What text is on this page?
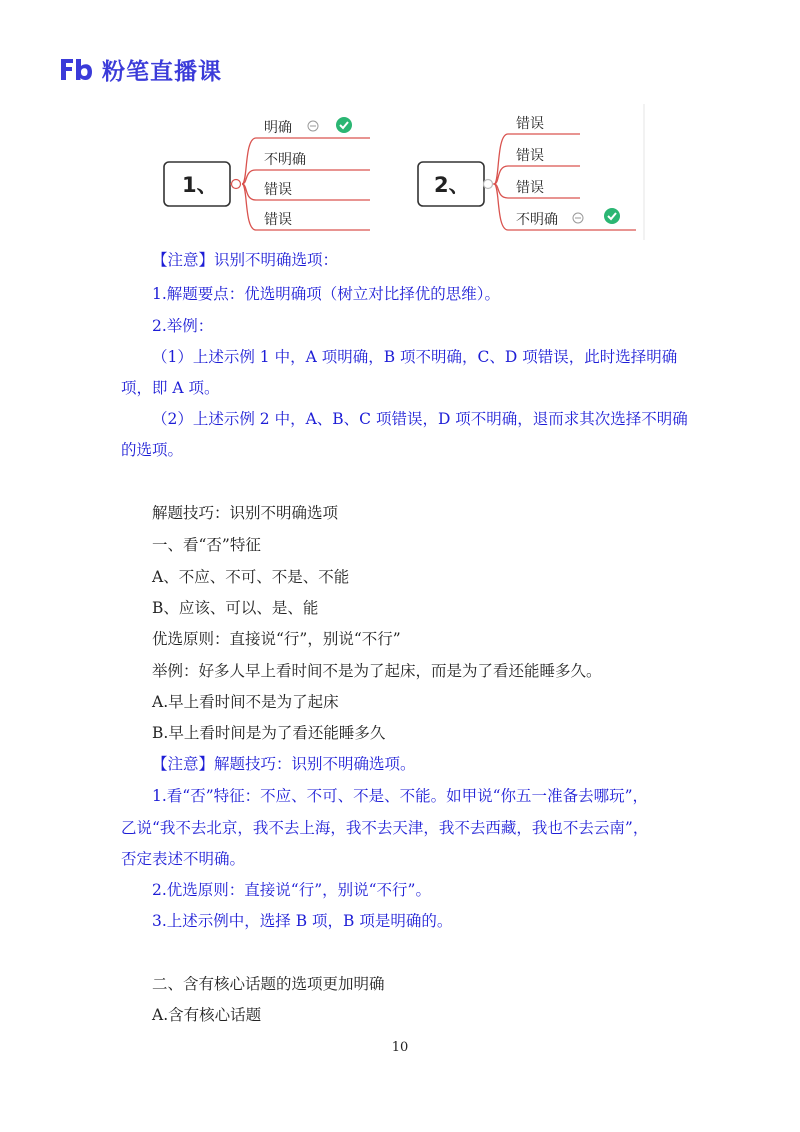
粉笔直播课
1、
明确
不明确
错误
错误
2、
错误
错误
错误
不明确
【注意】识别不明确选项：
1.解题要点：优选明确项（树立对比择优的思维）。
2.举例：
（1）上述示例 1 中，A 项明确，B 项不明确，C、D 项错误，此时选择明确
项，即 A 项。
（2）上述示例 2 中，A、B、C 项错误，D 项不明确，退而求其次选择不明确
的选项。
解题技巧：识别不明确选项
一、看“否”特征
A、不应、不可、不是、不能
B、应该、可以、是、能
优选原则：直接说“行”，别说“不行”
举例：好多人早上看时间不是为了起床，而是为了看还能睡多久。
A.早上看时间不是为了起床
B.早上看时间是为了看还能睡多久
【注意】解题技巧：识别不明确选项。
1.看“否”特征：不应、不可、不是、不能。如甲说“你五一准备去哪玩”，
乙说“我不去北京，我不去上海，我不去天津，我不去西藏，我也不去云南”，
否定表述不明确。
2.优选原则：直接说“行”，别说“不行”。
3.上述示例中，选择 B 项，B 项是明确的。
二、含有核心话题的选项更加明确
A.含有核心话题
10
